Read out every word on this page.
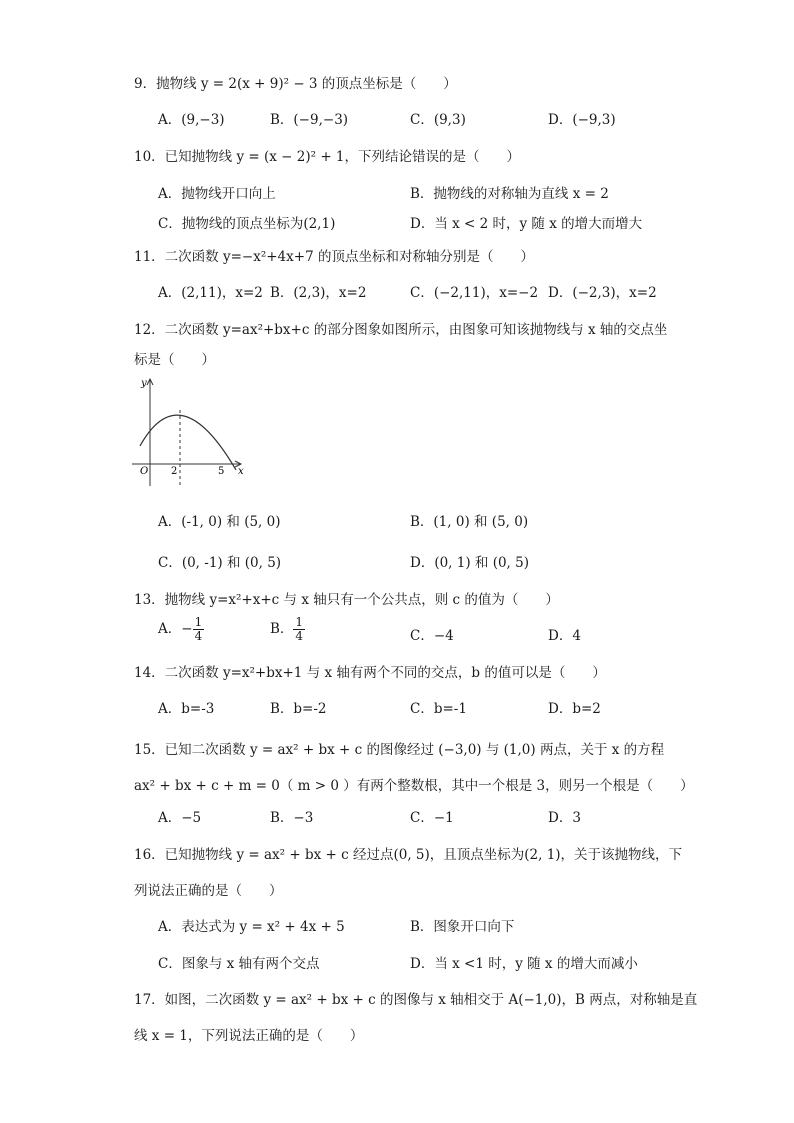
9．抛物线 y = 2(x + 9)² − 3 的顶点坐标是（　　）
A．(9,−3)	B．(−9,−3)	C．(9,3)	D．(−9,3)
10．已知抛物线 y = (x − 2)² + 1，下列结论错误的是（　　）
A．抛物线开口向上	B．抛物线的对称轴为直线 x = 2
C．抛物线的顶点坐标为(2,1)	D．当 x < 2 时，y 随 x 的增大而增大
11．二次函数 y=−x²+4x+7 的顶点坐标和对称轴分别是（　　）
A．(2,11)，x=2 B．(2,3)，x=2	C．(−2,11)，x=−2 D．(−2,3)，x=2
12．二次函数 y=ax²+bx+c 的部分图象如图所示，由图象可知该抛物线与 x 轴的交点坐
标是（　　）
y
x
O 2	5
A．(-1, 0) 和 (5, 0)	B．(1, 0) 和 (5, 0)
C．(0, -1) 和 (0, 5)	D．(0, 1) 和 (0, 5)
13．抛物线 y=x²+x+c 与 x 轴只有一个公共点，则 c 的值为（　　）
A．− $\frac{1}{4}$	B． $\frac{1}{4}$	C．−4	D．4
14．二次函数 y=x²+bx+1 与 x 轴有两个不同的交点，b 的值可以是（　　）
A．b=-3	B．b=-2	C．b=-1	D．b=2
15．已知二次函数 y = ax² + bx + c 的图像经过 (−3,0) 与 (1,0) 两点，关于 x 的方程
ax² + bx + c + m = 0（ m > 0 ）有两个整数根，其中一个根是 3，则另一个根是（　　）
A．−5	B．−3	C．−1	D．3
16．已知抛物线 y = ax² + bx + c 经过点(0, 5)，且顶点坐标为(2, 1)，关于该抛物线，下
列说法正确的是（　　）
A．表达式为 y = x² + 4x + 5	B．图象开口向下
C．图象与 x 轴有两个交点	D．当 x <1 时，y 随 x 的增大而减小
17．如图，二次函数 y = ax² + bx + c 的图像与 x 轴相交于 A(−1,0)，B 两点，对称轴是直
线 x = 1，下列说法正确的是（　　）
